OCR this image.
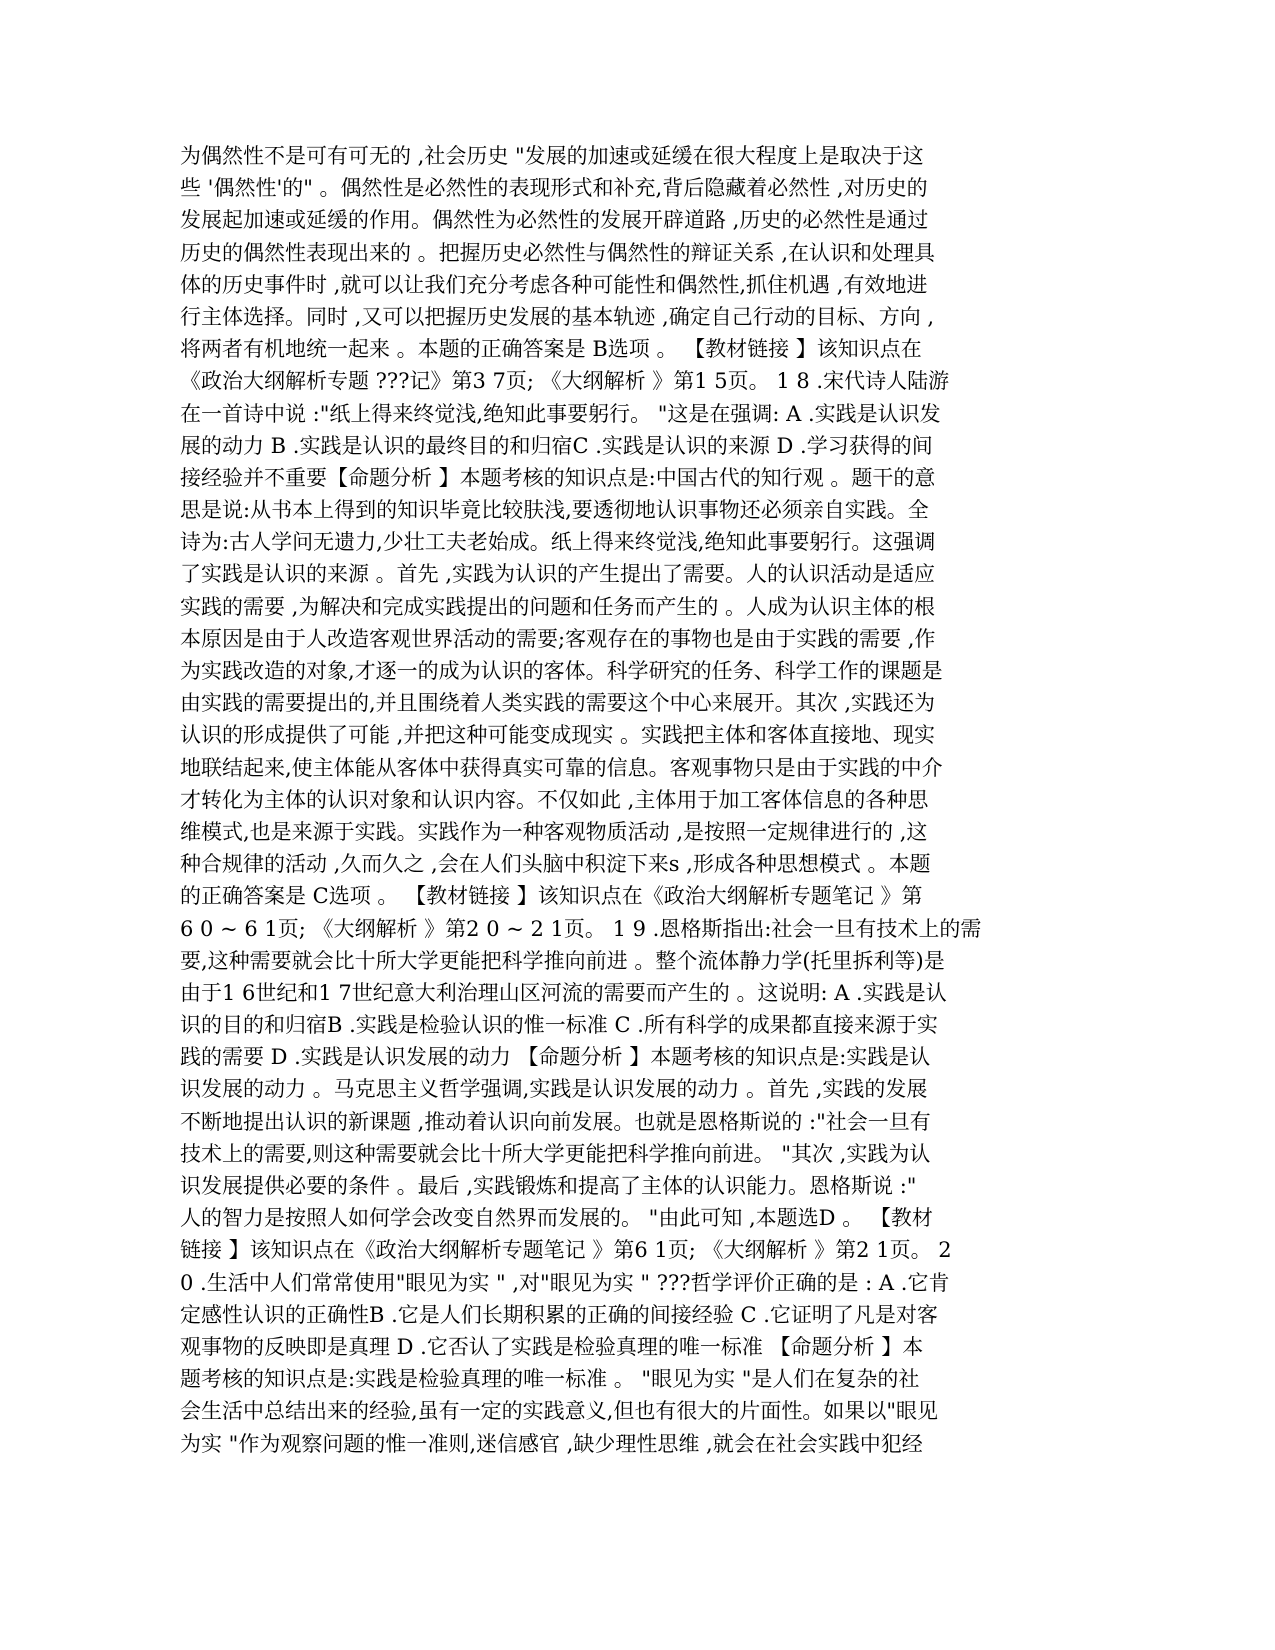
为偶然性不是可有可无的 ,社会历史 "发展的加速或延缓在很大程度上是取决于这
些 '偶然性'的" 。偶然性是必然性的表现形式和补充,背后隐藏着必然性 ,对历史的
发展起加速或延缓的作用。偶然性为必然性的发展开辟道路 ,历史的必然性是通过
历史的偶然性表现出来的 。把握历史必然性与偶然性的辩证关系 ,在认识和处理具
体的历史事件时 ,就可以让我们充分考虑各种可能性和偶然性,抓住机遇 ,有效地进
行主体选择。同时 ,又可以把握历史发展的基本轨迹 ,确定自己行动的目标、方向 ,
将两者有机地统一起来 。本题的正确答案是 B选项 。 【教材链接 】该知识点在
《政治大纲解析专题 ???记》第3 7页; 《大纲解析 》第1 5页。 1 8 .宋代诗人陆游
在一首诗中说 :"纸上得来终觉浅,绝知此事要躬行。 "这是在强调: A .实践是认识发
展的动力 B .实践是认识的最终目的和归宿C .实践是认识的来源 D .学习获得的间
接经验并不重要【命题分析 】本题考核的知识点是:中国古代的知行观 。题干的意
思是说:从书本上得到的知识毕竟比较肤浅,要透彻地认识事物还必须亲自实践。全
诗为:古人学问无遗力,少壮工夫老始成。纸上得来终觉浅,绝知此事要躬行。这强调
了实践是认识的来源 。首先 ,实践为认识的产生提出了需要。人的认识活动是适应
实践的需要 ,为解决和完成实践提出的问题和任务而产生的 。人成为认识主体的根
本原因是由于人改造客观世界活动的需要;客观存在的事物也是由于实践的需要 ,作
为实践改造的对象,才逐一的成为认识的客体。科学研究的任务、科学工作的课题是
由实践的需要提出的,并且围绕着人类实践的需要这个中心来展开。其次 ,实践还为
认识的形成提供了可能 ,并把这种可能变成现实 。实践把主体和客体直接地、现实
地联结起来,使主体能从客体中获得真实可靠的信息。客观事物只是由于实践的中介
才转化为主体的认识对象和认识内容。不仅如此 ,主体用于加工客体信息的各种思
维模式,也是来源于实践。实践作为一种客观物质活动 ,是按照一定规律进行的 ,这
种合规律的活动 ,久而久之 ,会在人们头脑中积淀下来s ,形成各种思想模式 。本题
的正确答案是 C选项 。 【教材链接 】该知识点在《政治大纲解析专题笔记 》第
6 0 ~ 6 1页; 《大纲解析 》第2 0 ~ 2 1页。 1 9 .恩格斯指出:社会一旦有技术上的需
要,这种需要就会比十所大学更能把科学推向前进 。整个流体静力学(托里拆利等)是
由于1 6世纪和1 7世纪意大利治理山区河流的需要而产生的 。这说明: A .实践是认
识的目的和归宿B .实践是检验认识的惟一标准 C .所有科学的成果都直接来源于实
践的需要 D .实践是认识发展的动力 【命题分析 】本题考核的知识点是:实践是认
识发展的动力 。马克思主义哲学强调,实践是认识发展的动力 。首先 ,实践的发展
不断地提出认识的新课题 ,推动着认识向前发展。也就是恩格斯说的 :"社会一旦有
技术上的需要,则这种需要就会比十所大学更能把科学推向前进。 "其次 ,实践为认
识发展提供必要的条件 。最后 ,实践锻炼和提高了主体的认识能力。恩格斯说 :"
人的智力是按照人如何学会改变自然界而发展的。 "由此可知 ,本题选D 。 【教材
链接 】该知识点在《政治大纲解析专题笔记 》第6 1页; 《大纲解析 》第2 1页。 2
0 .生活中人们常常使用"眼见为实 " ,对"眼见为实 " ???哲学评价正确的是 : A .它肯
定感性认识的正确性B .它是人们长期积累的正确的间接经验 C .它证明了凡是对客
观事物的反映即是真理 D .它否认了实践是检验真理的唯一标准 【命题分析 】本
题考核的知识点是:实践是检验真理的唯一标准 。 "眼见为实 "是人们在复杂的社
会生活中总结出来的经验,虽有一定的实践意义,但也有很大的片面性。如果以"眼见
为实 "作为观察问题的惟一准则,迷信感官 ,缺少理性思维 ,就会在社会实践中犯经
